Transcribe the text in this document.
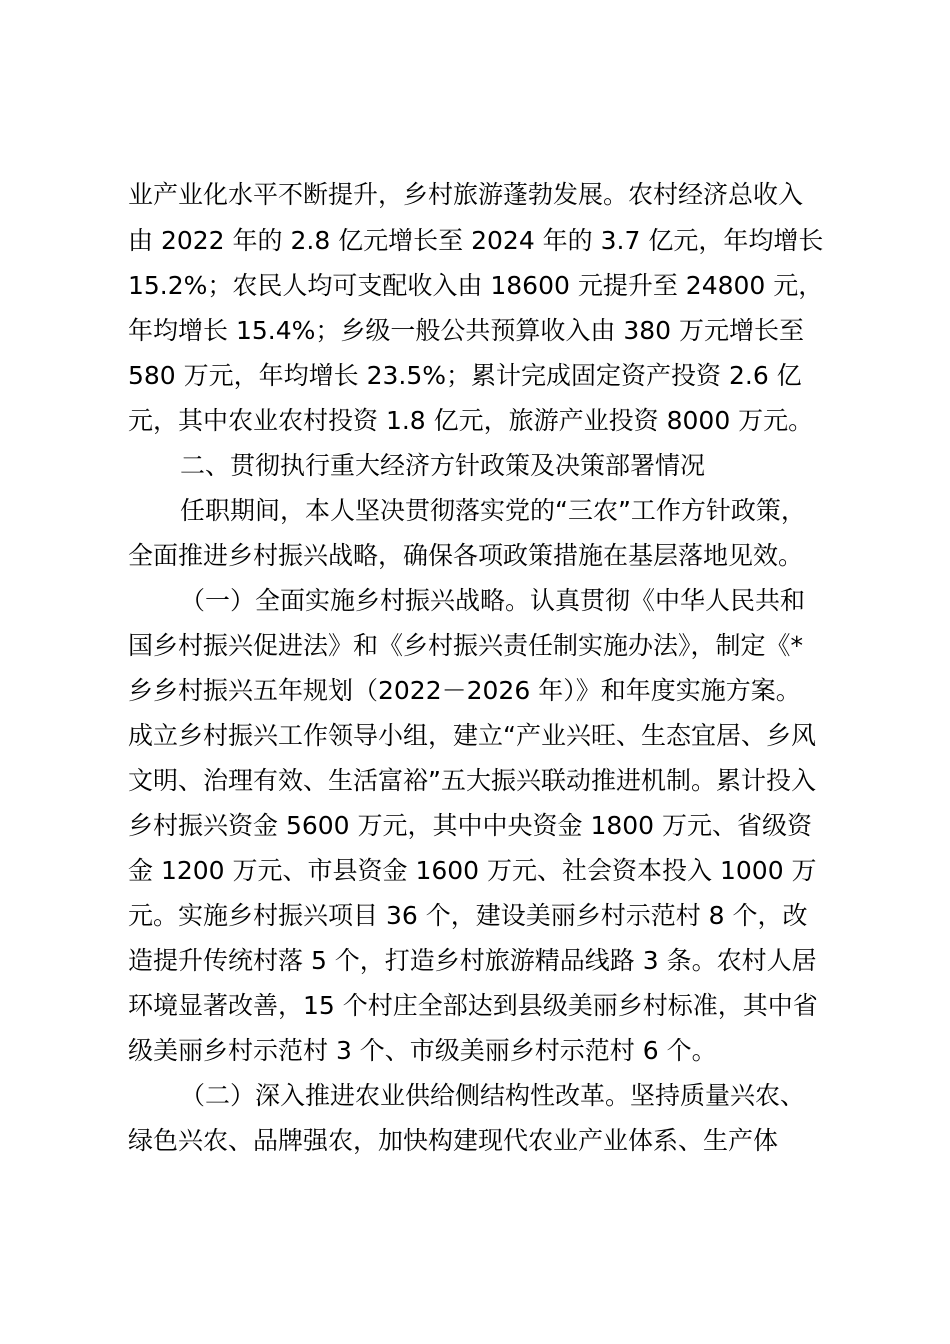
业产业化水平不断提升，乡村旅游蓬勃发展。农村经济总收入
由 2022 年的 2.8 亿元增长至 2024 年的 3.7 亿元，年均增长
15.2%；农民人均可支配收入由 18600 元提升至 24800 元，
年均增长 15.4%；乡级一般公共预算收入由 380 万元增长至
580 万元，年均增长 23.5%；累计完成固定资产投资 2.6 亿
元，其中农业农村投资 1.8 亿元，旅游产业投资 8000 万元。
二、贯彻执行重大经济方针政策及决策部署情况
任职期间，本人坚决贯彻落实党的“三农”工作方针政策，
全面推进乡村振兴战略，确保各项政策措施在基层落地见效。
（一）全面实施乡村振兴战略。认真贯彻《中华人民共和
国乡村振兴促进法》和《乡村振兴责任制实施办法》，制定《*
乡乡村振兴五年规划（2022－2026 年）》和年度实施方案。
成立乡村振兴工作领导小组，建立“产业兴旺、生态宜居、乡风
文明、治理有效、生活富裕”五大振兴联动推进机制。累计投入
乡村振兴资金 5600 万元，其中中央资金 1800 万元、省级资
金 1200 万元、市县资金 1600 万元、社会资本投入 1000 万
元。实施乡村振兴项目 36 个，建设美丽乡村示范村 8 个，改
造提升传统村落 5 个，打造乡村旅游精品线路 3 条。农村人居
环境显著改善，15 个村庄全部达到县级美丽乡村标准，其中省
级美丽乡村示范村 3 个、市级美丽乡村示范村 6 个。
（二）深入推进农业供给侧结构性改革。坚持质量兴农、
绿色兴农、品牌强农，加快构建现代农业产业体系、生产体
